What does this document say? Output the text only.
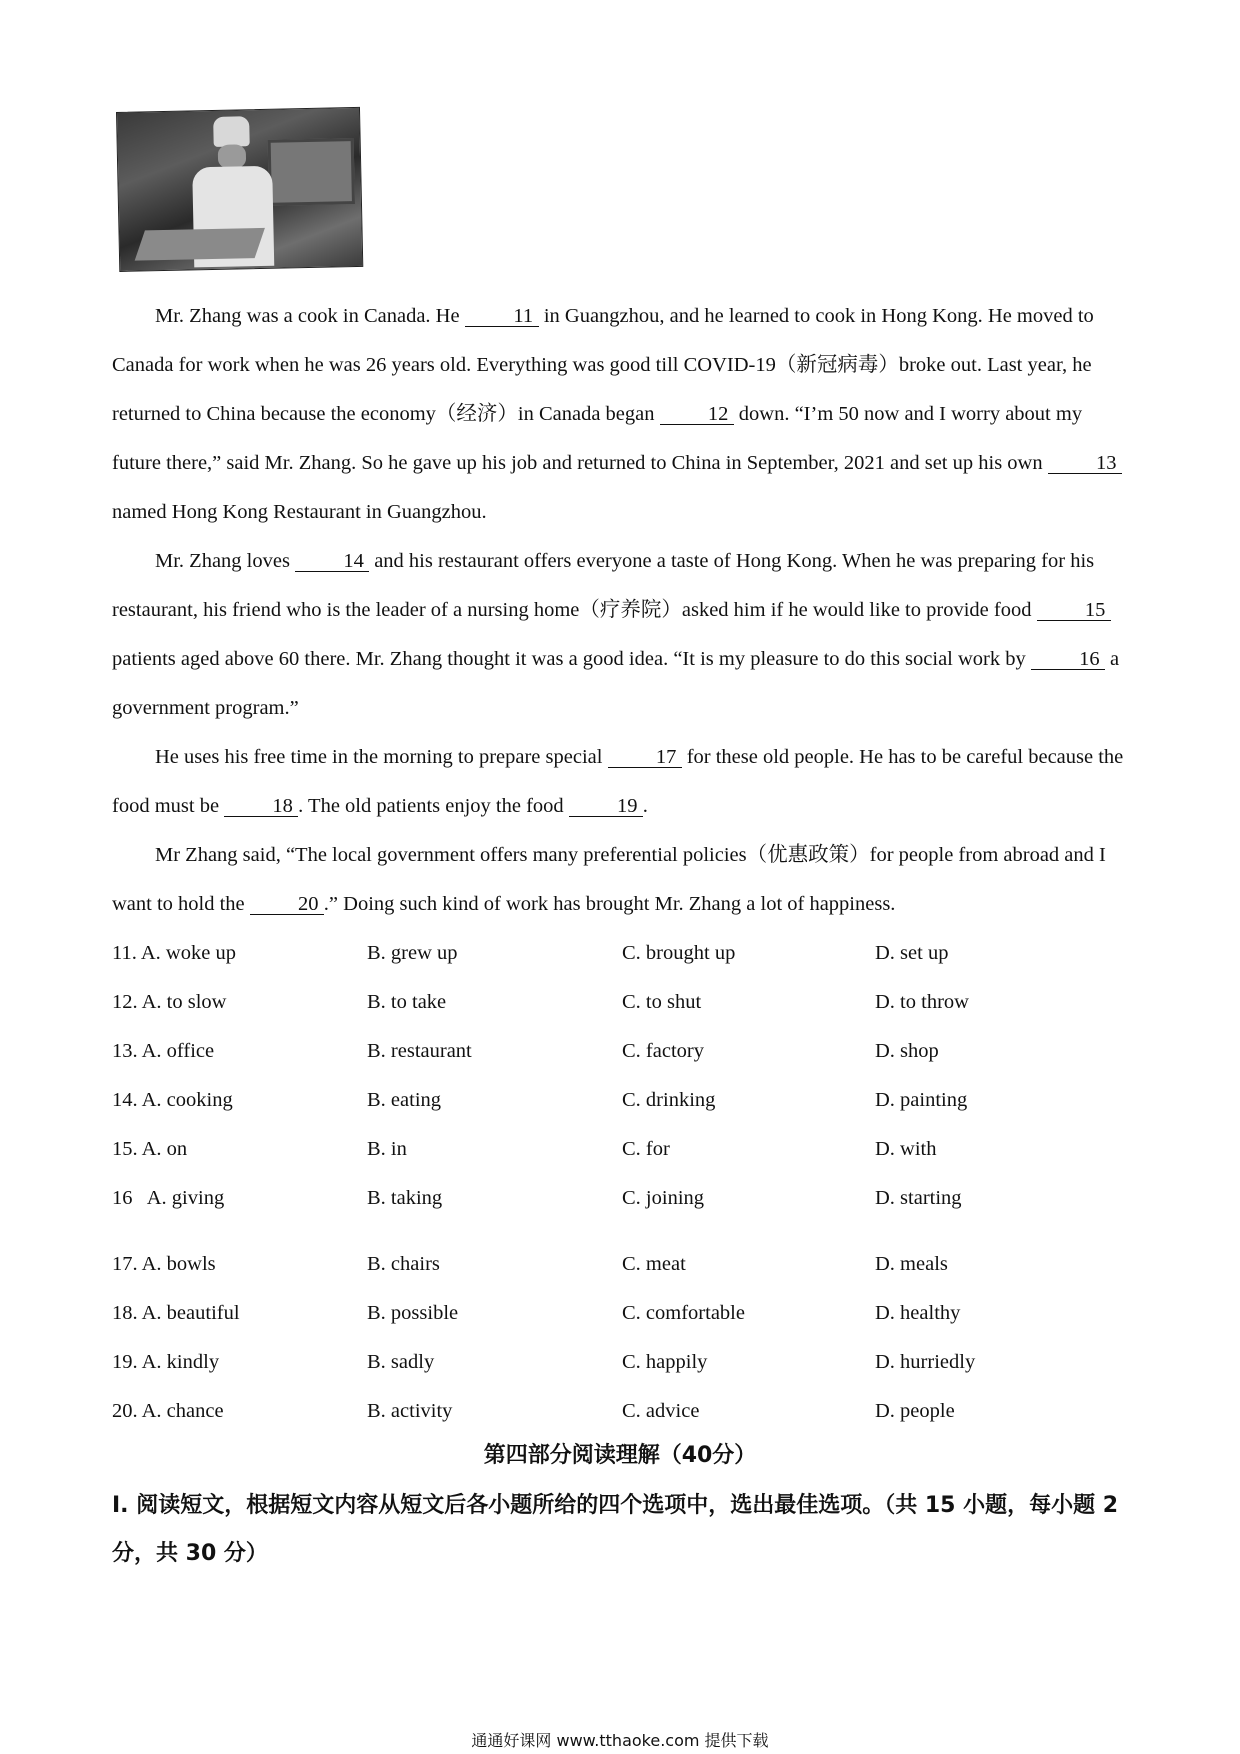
Mr. Zhang was a cook in Canada. He 11 in Guangzhou, and he learned to cook in Hong Kong. He moved to Canada for work when he was 26 years old. Everything was good till COVID-19（新冠病毒）broke out. Last year, he returned to China because the economy（经济）in Canada began 12 down. “I’m 50 now and I worry about my future there,” said Mr. Zhang. So he gave up his job and returned to China in September, 2021 and set up his own 13 named Hong Kong Restaurant in Guangzhou.
Mr. Zhang loves 14 and his restaurant offers everyone a taste of Hong Kong. When he was preparing for his restaurant, his friend who is the leader of a nursing home（疗养院）asked him if he would like to provide food 15 patients aged above 60 there. Mr. Zhang thought it was a good idea. “It is my pleasure to do this social work by 16 a government program.”
He uses his free time in the morning to prepare special 17 for these old people. He has to be careful because the food must be 18 . The old patients enjoy the food 19 .
Mr Zhang said, “The local government offers many preferential policies（优惠政策）for people from abroad and I want to hold the 20 .” Doing such kind of work has brought Mr. Zhang a lot of happiness.
11. A. woke up	B. grew up	C. brought up	D. set up
12. A. to slow	B. to take	C. to shut	D. to throw
13. A. office	B. restaurant	C. factory	D. shop
14. A. cooking	B. eating	C. drinking	D. painting
15. A. on	B. in	C. for	D. with
16   A. giving	B. taking	C. joining	D. starting
17. A. bowls	B. chairs	C. meat	D. meals
18. A. beautiful	B. possible	C. comfortable	D. healthy
19. A. kindly	B. sadly	C. happily	D. hurriedly
20. A. chance	B. activity	C. advice	D. people
第四部分阅读理解（40分）
I. 阅读短文，根据短文内容从短文后各小题所给的四个选项中，选出最佳选项。（共 15 小题，每小题 2 分，共 30 分）
通通好课网 www.tthaoke.com 提供下载
